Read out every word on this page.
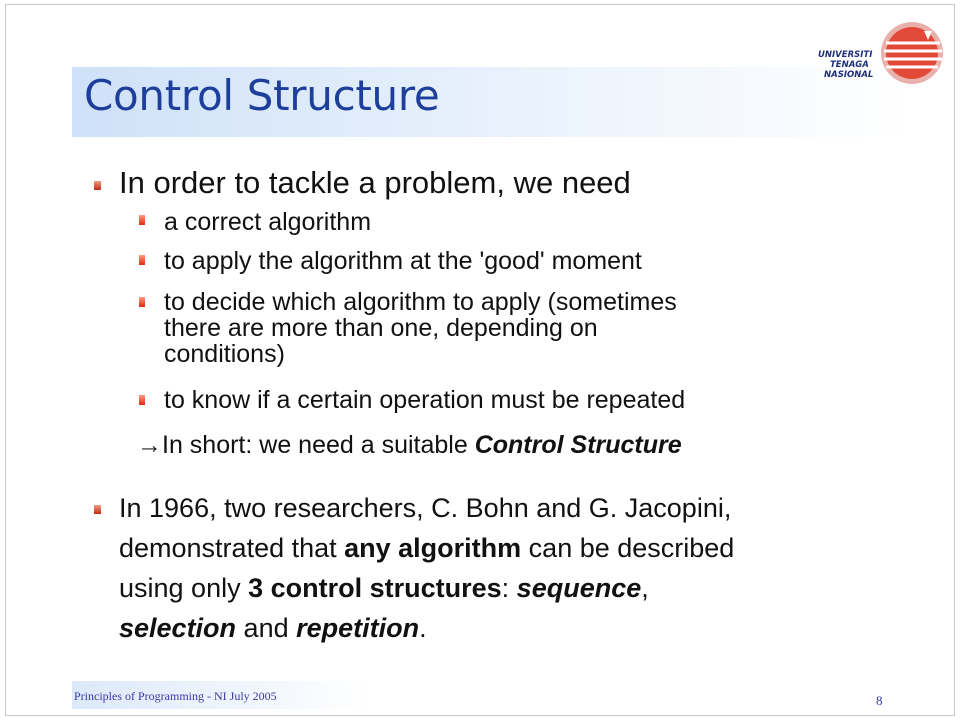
Control Structure
UNIVERSITI
TENAGA
NASIONAL
In order to tackle a problem, we need
a correct algorithm
to apply the algorithm at the 'good' moment
to decide which algorithm to apply (sometimes
there are more than one, depending on
conditions)
to know if a certain operation must be repeated
→In short: we need a suitable Control Structure
In 1966, two researchers, C. Bohn and G. Jacopini,
demonstrated that any algorithm can be described
using only 3 control structures: sequence,
selection and repetition.
Principles of Programming - NI July 2005	8
